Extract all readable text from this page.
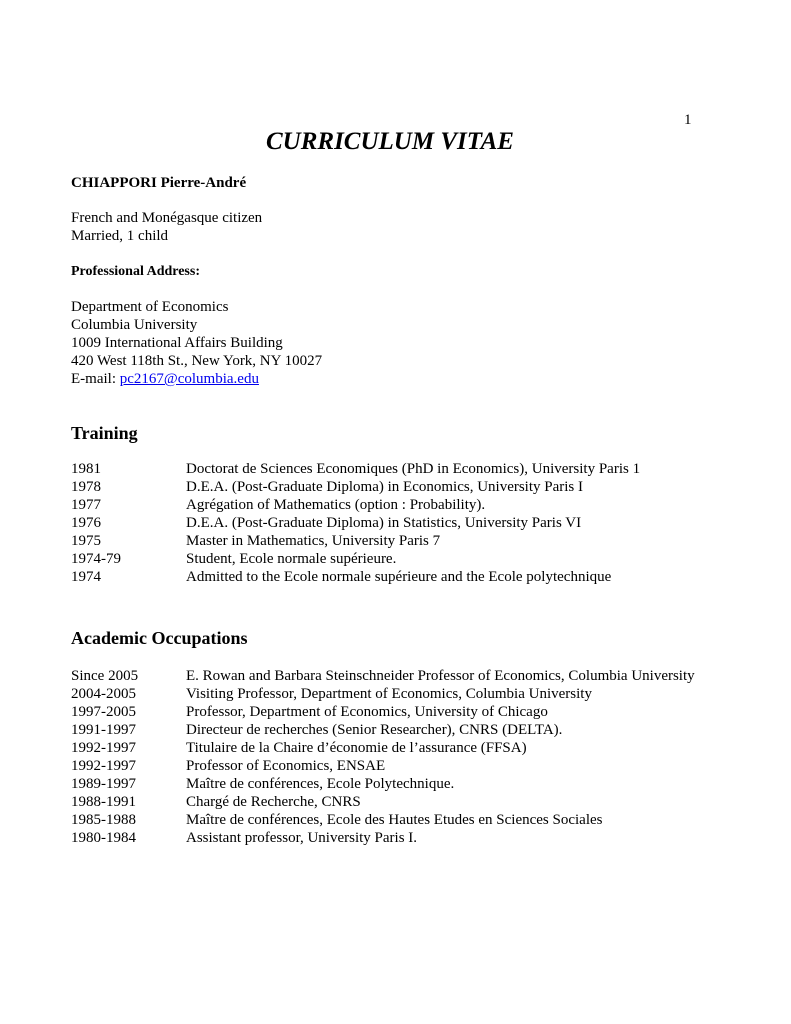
1
CURRICULUM VITAE
CHIAPPORI Pierre-André
French and Monégasque citizen
Married, 1 child
Professional Address:
Department of Economics
Columbia University
1009 International Affairs Building
420 West 118th St., New York, NY 10027
E-mail: pc2167@columbia.edu
Training
1981	Doctorat de Sciences Economiques (PhD in Economics), University Paris 1
1978	D.E.A. (Post-Graduate Diploma) in Economics, University Paris I
1977	Agrégation of Mathematics (option : Probability).
1976	D.E.A. (Post-Graduate Diploma) in Statistics, University Paris VI
1975	Master in Mathematics, University Paris 7
1974-79	Student, Ecole normale supérieure.
1974	Admitted to the Ecole normale supérieure and the Ecole polytechnique
Academic Occupations
Since 2005	E. Rowan and Barbara Steinschneider Professor of Economics, Columbia University
2004-2005	Visiting Professor, Department of Economics, Columbia University
1997-2005	Professor, Department of Economics, University of Chicago
1991-1997	Directeur de recherches (Senior Researcher), CNRS (DELTA).
1992-1997	Titulaire de la Chaire d’économie de l’assurance (FFSA)
1992-1997	Professor of Economics, ENSAE
1989-1997	Maître de conférences, Ecole Polytechnique.
1988-1991	Chargé de Recherche, CNRS
1985-1988	Maître de conférences, Ecole des Hautes Etudes en Sciences Sociales
1980-1984	Assistant professor, University Paris I.
